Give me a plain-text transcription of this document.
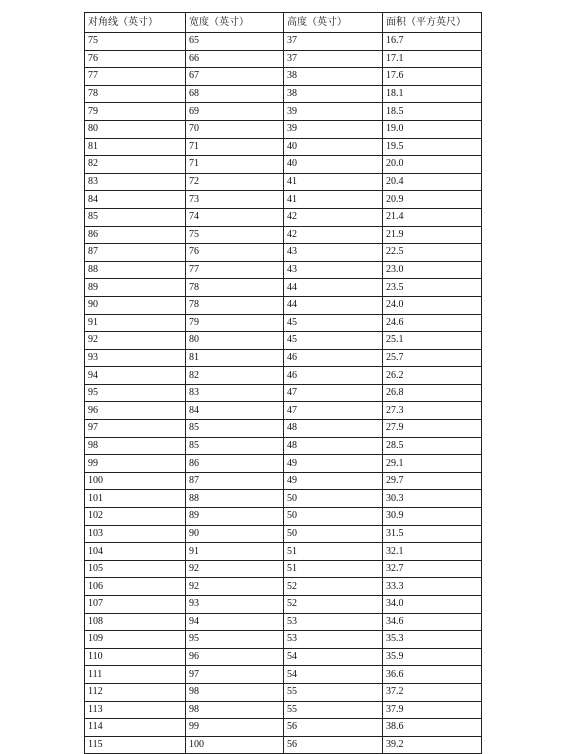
对角线（英寸）	宽度（英寸）	高度（英寸）	面积（平方英尺）
75	65	37	16.7
76	66	37	17.1
77	67	38	17.6
78	68	38	18.1
79	69	39	18.5
80	70	39	19.0
81	71	40	19.5
82	71	40	20.0
83	72	41	20.4
84	73	41	20.9
85	74	42	21.4
86	75	42	21.9
87	76	43	22.5
88	77	43	23.0
89	78	44	23.5
90	78	44	24.0
91	79	45	24.6
92	80	45	25.1
93	81	46	25.7
94	82	46	26.2
95	83	47	26.8
96	84	47	27.3
97	85	48	27.9
98	85	48	28.5
99	86	49	29.1
100	87	49	29.7
101	88	50	30.3
102	89	50	30.9
103	90	50	31.5
104	91	51	32.1
105	92	51	32.7
106	92	52	33.3
107	93	52	34.0
108	94	53	34.6
109	95	53	35.3
110	96	54	35.9
111	97	54	36.6
112	98	55	37.2
113	98	55	37.9
114	99	56	38.6
115	100	56	39.2
